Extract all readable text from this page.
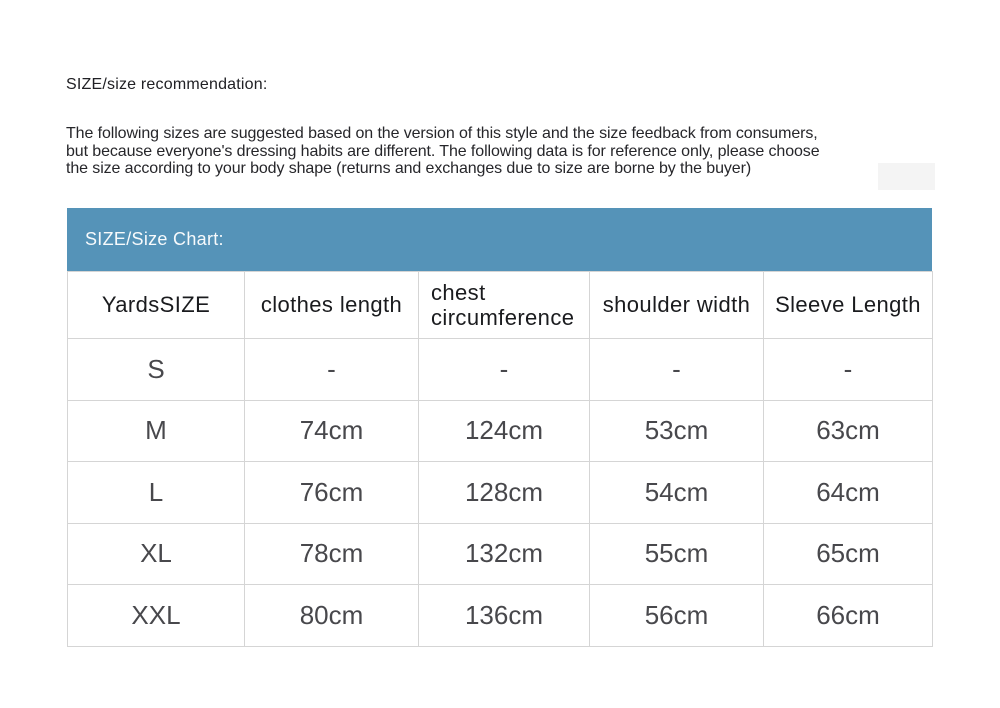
SIZE/size recommendation:
The following sizes are suggested based on the version of this style and the size feedback from consumers,
but because everyone's dressing habits are different. The following data is for reference only, please choose
the size according to your body shape (returns and exchanges due to size are borne by the buyer)
SIZE/Size Chart:
YardsSIZE	clothes length	chest circumference	shoulder width	Sleeve Length
S	-	-	-	-
M	74cm	124cm	53cm	63cm
L	76cm	128cm	54cm	64cm
XL	78cm	132cm	55cm	65cm
XXL	80cm	136cm	56cm	66cm
